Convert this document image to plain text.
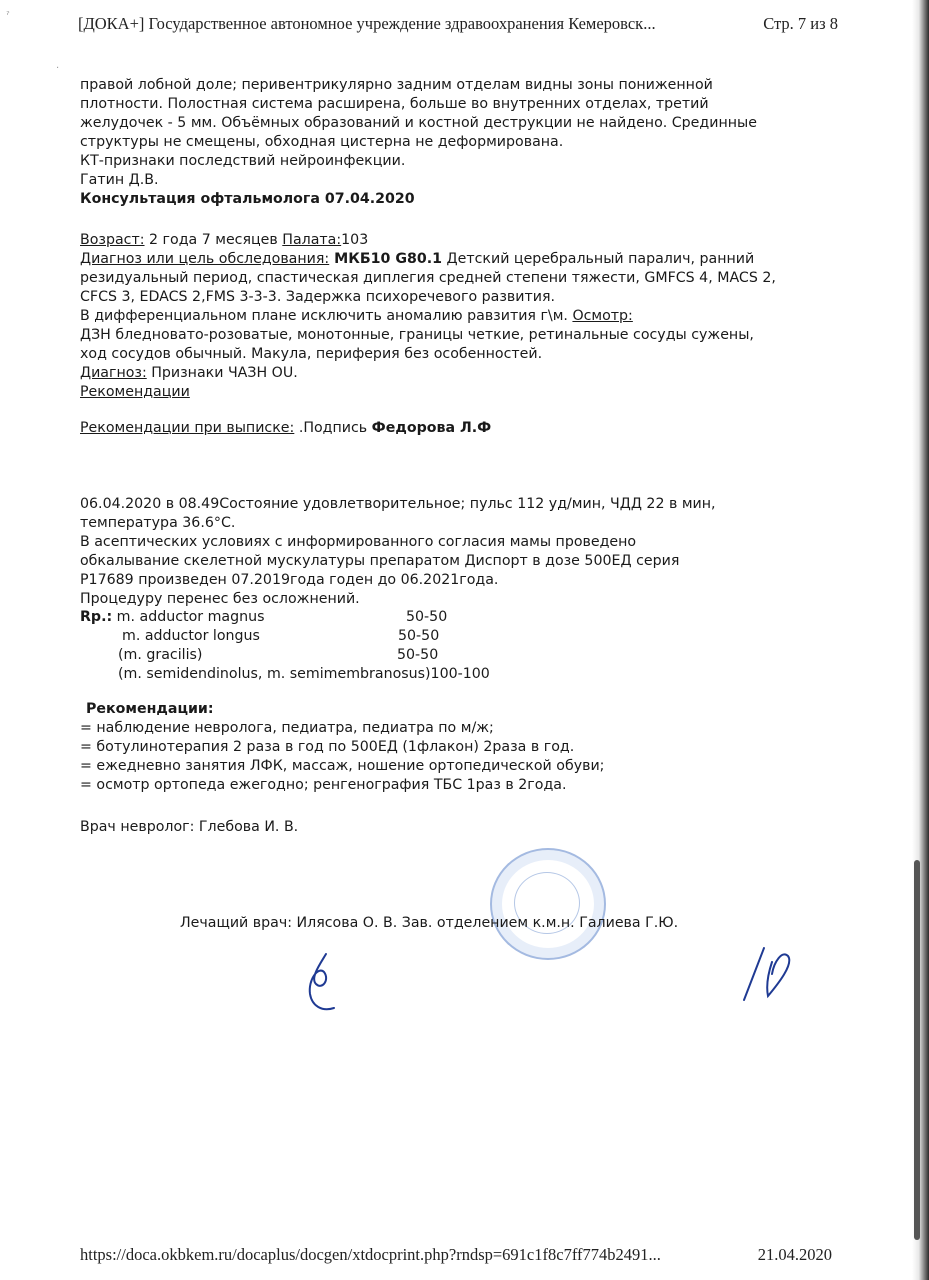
ˀ
.
[ДОКА+] Государственное автономное учреждение здравоохранения Кемеровск...	Стр. 7 из 8
правой лобной доле; перивентрикулярно задним отделам видны зоны пониженной
плотности. Полостная система расширена, больше во внутренних отделах, третий
желудочек - 5 мм. Объёмных образований и костной деструкции не найдено. Срединные
структуры не смещены, обходная цистерна не деформирована.
КТ-признаки последствий нейроинфекции.
Гатин Д.В.
Консультация офтальмолога 07.04.2020
Возраст: 2 года 7 месяцев Палата:103
Диагноз или цель обследования: МКБ10 G80.1 Детский церебральный паралич, ранний
резидуальный период, спастическая диплегия средней степени тяжести, GMFCS 4, MACS 2,
CFCS 3, EDACS 2,FMS 3-3-3. Задержка психоречевого развития.
В дифференциальном плане исключить аномалию равзития г\м. Осмотр:
ДЗН бледновато-розоватые, монотонные, границы четкие, ретинальные сосуды сужены,
ход сосудов обычный. Макула, периферия без особенностей.
Диагноз: Признаки ЧАЗН OU.
Рекомендации
Рекомендации при выписке: .Подпись Федорова Л.Ф
06.04.2020 в 08.49Состояние удовлетворительное; пульс 112 уд/мин, ЧДД 22 в мин,
температура 36.6°С.
В асептических условиях с информированного согласия мамы проведено
обкалывание скелетной мускулатуры препаратом Диспорт в дозе 500ЕД серия
Р17689 произведен 07.2019года годен до 06.2021года.
Процедуру перенес без осложнений.
Rp.: m. adductor magnus	50-50
m. adductor longus	50-50
(m. gracilis)	50-50
(m. semidendinolus, m. semimembranosus)100-100
Рекомендации:
= наблюдение невролога, педиатра, педиатра по м/ж;
= ботулинотерапия 2 раза в год по 500ЕД (1флакон) 2раза в год.
= ежедневно занятия ЛФК, массаж, ношение ортопедической обуви;
= осмотр ортопеда ежегодно; ренгенография ТБС 1раз в 2года.
Врач невролог: Глебова И. В.
Лечащий врач: Илясова О. В. Зав. отделением к.м.н. Галиева Г.Ю.
https://doca.okbkem.ru/docaplus/docgen/xtdocprint.php?rndsp=691c1f8c7ff774b2491...	21.04.2020
